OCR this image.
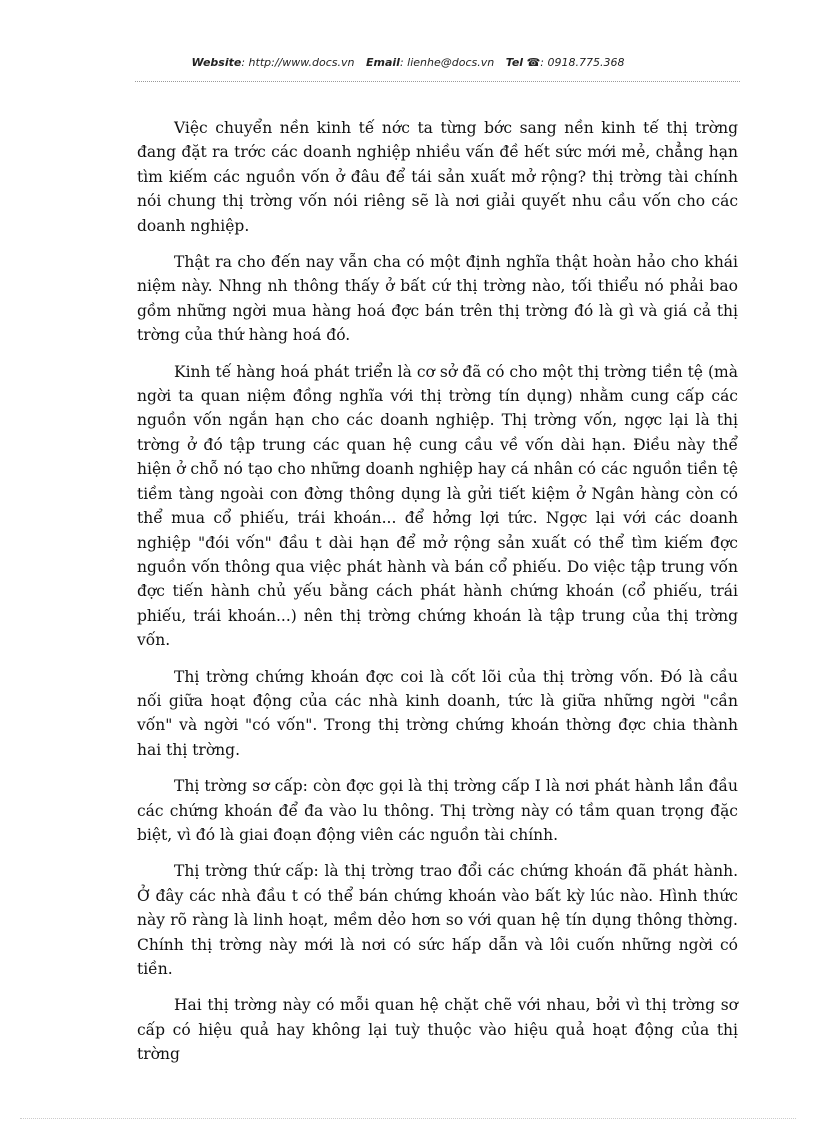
Website: http://www.docs.vn Email: lienhe@docs.vn Tel ☎: 0918.775.368

Việc chuyển nền kinh tế nớc ta từng bớc sang nền kinh tế thị trờng đang đặt ra trớc các doanh nghiệp nhiều vấn đề hết sức mới mẻ, chẳng hạn tìm kiếm các nguồn vốn ở đâu để tái sản xuất mở rộng? thị trờng tài chính nói chung thị trờng vốn nói riêng sẽ là nơi giải quyết nhu cầu vốn cho các doanh nghiệp.

Thật ra cho đến nay vẫn cha có một định nghĩa thật hoàn hảo cho khái niệm này. Nhng nh thông thấy ở bất cứ thị trờng nào, tối thiểu nó phải bao gồm những ngời mua hàng hoá đợc bán trên thị trờng đó là gì và giá cả thị trờng của thứ hàng hoá đó.

Kinh tế hàng hoá phát triển là cơ sở đã có cho một thị trờng tiền tệ (mà ngời ta quan niệm đồng nghĩa với thị trờng tín dụng) nhằm cung cấp các nguồn vốn ngắn hạn cho các doanh nghiệp. Thị trờng vốn, ngợc lại là thị trờng ở đó tập trung các quan hệ cung cầu về vốn dài hạn. Điều này thể hiện ở chỗ nó tạo cho những doanh nghiệp hay cá nhân có các nguồn tiền tệ tiềm tàng ngoài con đờng thông dụng là gửi tiết kiệm ở Ngân hàng còn có thể mua cổ phiếu, trái khoán... để hởng lợi tức. Ngợc lại với các doanh nghiệp "đói vốn" đầu t dài hạn để mở rộng sản xuất có thể tìm kiếm đợc nguồn vốn thông qua việc phát hành và bán cổ phiếu. Do việc tập trung vốn đợc tiến hành chủ yếu bằng cách phát hành chứng khoán (cổ phiếu, trái phiếu, trái khoán...) nên thị trờng chứng khoán là tập trung của thị trờng vốn.

Thị trờng chứng khoán đợc coi là cốt lõi của thị trờng vốn. Đó là cầu nối giữa hoạt động của các nhà kinh doanh, tức là giữa những ngời "cần vốn" và ngời "có vốn". Trong thị trờng chứng khoán thờng đợc chia thành hai thị trờng.

Thị trờng sơ cấp: còn đợc gọi là thị trờng cấp I là nơi phát hành lần đầu các chứng khoán để đa vào lu thông. Thị trờng này có tầm quan trọng đặc biệt, vì đó là giai đoạn động viên các nguồn tài chính.

Thị trờng thứ cấp: là thị trờng trao đổi các chứng khoán đã phát hành. Ở đây các nhà đầu t có thể bán chứng khoán vào bất kỳ lúc nào. Hình thức này rõ ràng là linh hoạt, mềm dẻo hơn so với quan hệ tín dụng thông thờng. Chính thị trờng này mới là nơi có sức hấp dẫn và lôi cuốn những ngời có tiền.

Hai thị trờng này có mỗi quan hệ chặt chẽ với nhau, bởi vì thị trờng sơ cấp có hiệu quả hay không lại tuỳ thuộc vào hiệu quả hoạt động của thị trờng
